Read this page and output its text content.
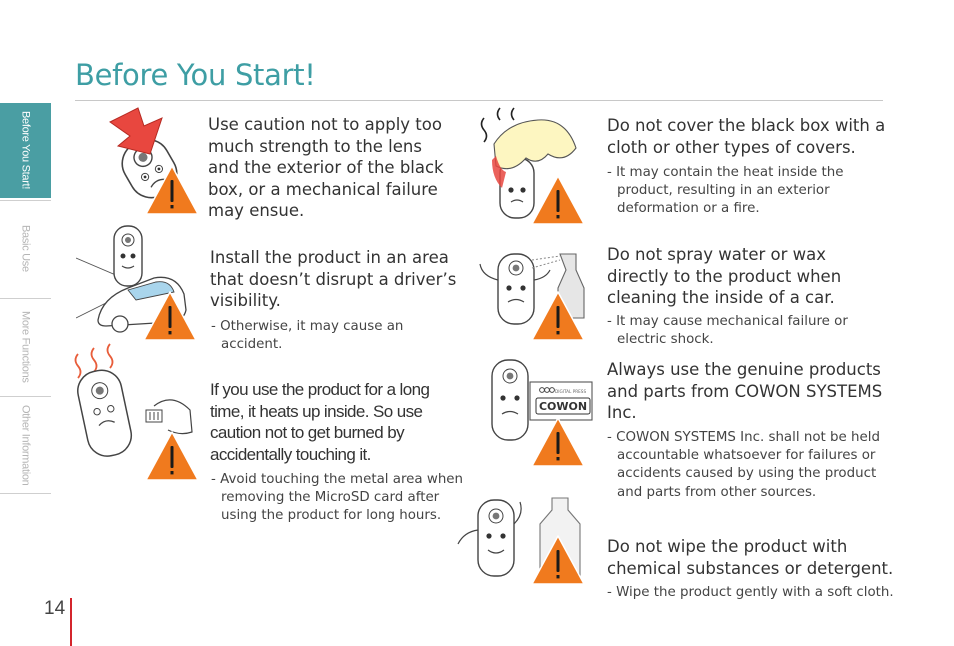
Before You Start!
Before You Start!
Basic Use
More Functions
Other Information
14

Use caution not to apply too much strength to the lens and the exterior of the black box, or a mechanical failure may ensue.

Install the product in an area that doesn’t disrupt a driver’s visibility.

- Otherwise, it may cause an accident.

If you use the product for a long time, it heats up inside. So use caution not to get burned by accidentally touching it.

- Avoid touching the metal area when removing the MicroSD card after using the product for long hours.

Do not cover the black box with a cloth or other types of covers.

- It may contain the heat inside the product, resulting in an exterior deformation or a fire.

Do not spray water or wax directly to the product when cleaning the inside of a car.

- It may cause mechanical failure or electric shock.

DIGITAL PRESS
COWON

Always use the genuine products and parts from COWON SYSTEMS Inc.

- COWON SYSTEMS Inc. shall not be held accountable whatsoever for failures or accidents caused by using the product and parts from other sources.

Do not wipe the product with chemical substances or detergent.

- Wipe the product gently with a soft cloth.
